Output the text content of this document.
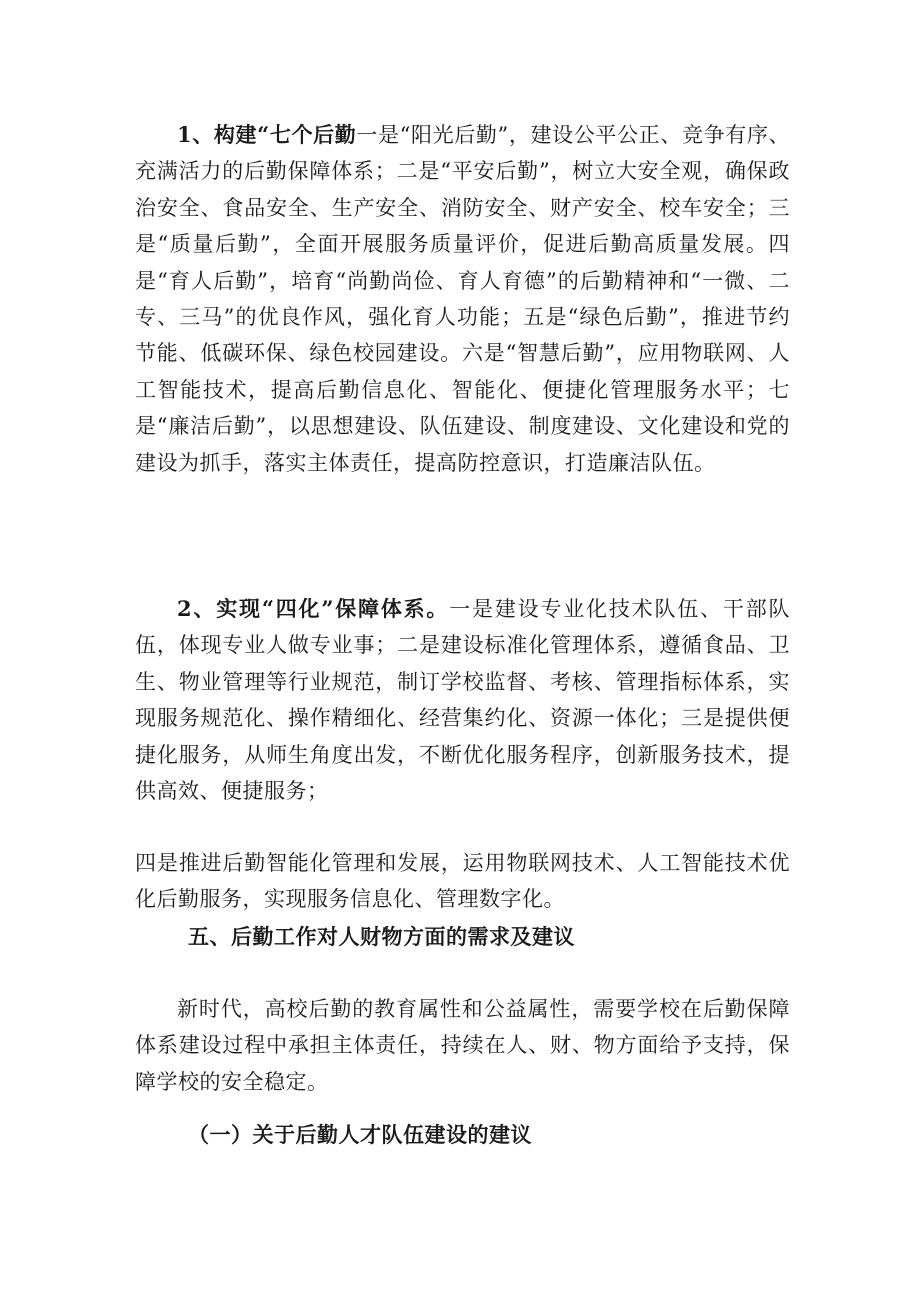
1、构建“七个后勤一是“阳光后勤”，建设公平公正、竞争有序、充满活力的后勤保障体系；二是“平安后勤”，树立大安全观，确保政治安全、食品安全、生产安全、消防安全、财产安全、校车安全；三是“质量后勤”，全面开展服务质量评价，促进后勤高质量发展。四是“育人后勤”，培育“尚勤尚俭、育人育德”的后勤精神和“一微、二专、三马”的优良作风，强化育人功能；五是“绿色后勤”，推进节约节能、低碳环保、绿色校园建设。六是“智慧后勤”，应用物联网、人工智能技术，提高后勤信息化、智能化、便捷化管理服务水平；七是“廉洁后勤”，以思想建设、队伍建设、制度建设、文化建设和党的建设为抓手，落实主体责任，提高防控意识，打造廉洁队伍。

2、实现“四化”保障体系。一是建设专业化技术队伍、干部队伍，体现专业人做专业事；二是建设标准化管理体系，遵循食品、卫生、物业管理等行业规范，制订学校监督、考核、管理指标体系，实现服务规范化、操作精细化、经营集约化、资源一体化；三是提供便捷化服务，从师生角度出发，不断优化服务程序，创新服务技术，提供高效、便捷服务；

四是推进后勤智能化管理和发展，运用物联网技术、人工智能技术优化后勤服务，实现服务信息化、管理数字化。

五、后勤工作对人财物方面的需求及建议

新时代，高校后勤的教育属性和公益属性，需要学校在后勤保障体系建设过程中承担主体责任，持续在人、财、物方面给予支持，保障学校的安全稳定。

（一）关于后勤人才队伍建设的建议
